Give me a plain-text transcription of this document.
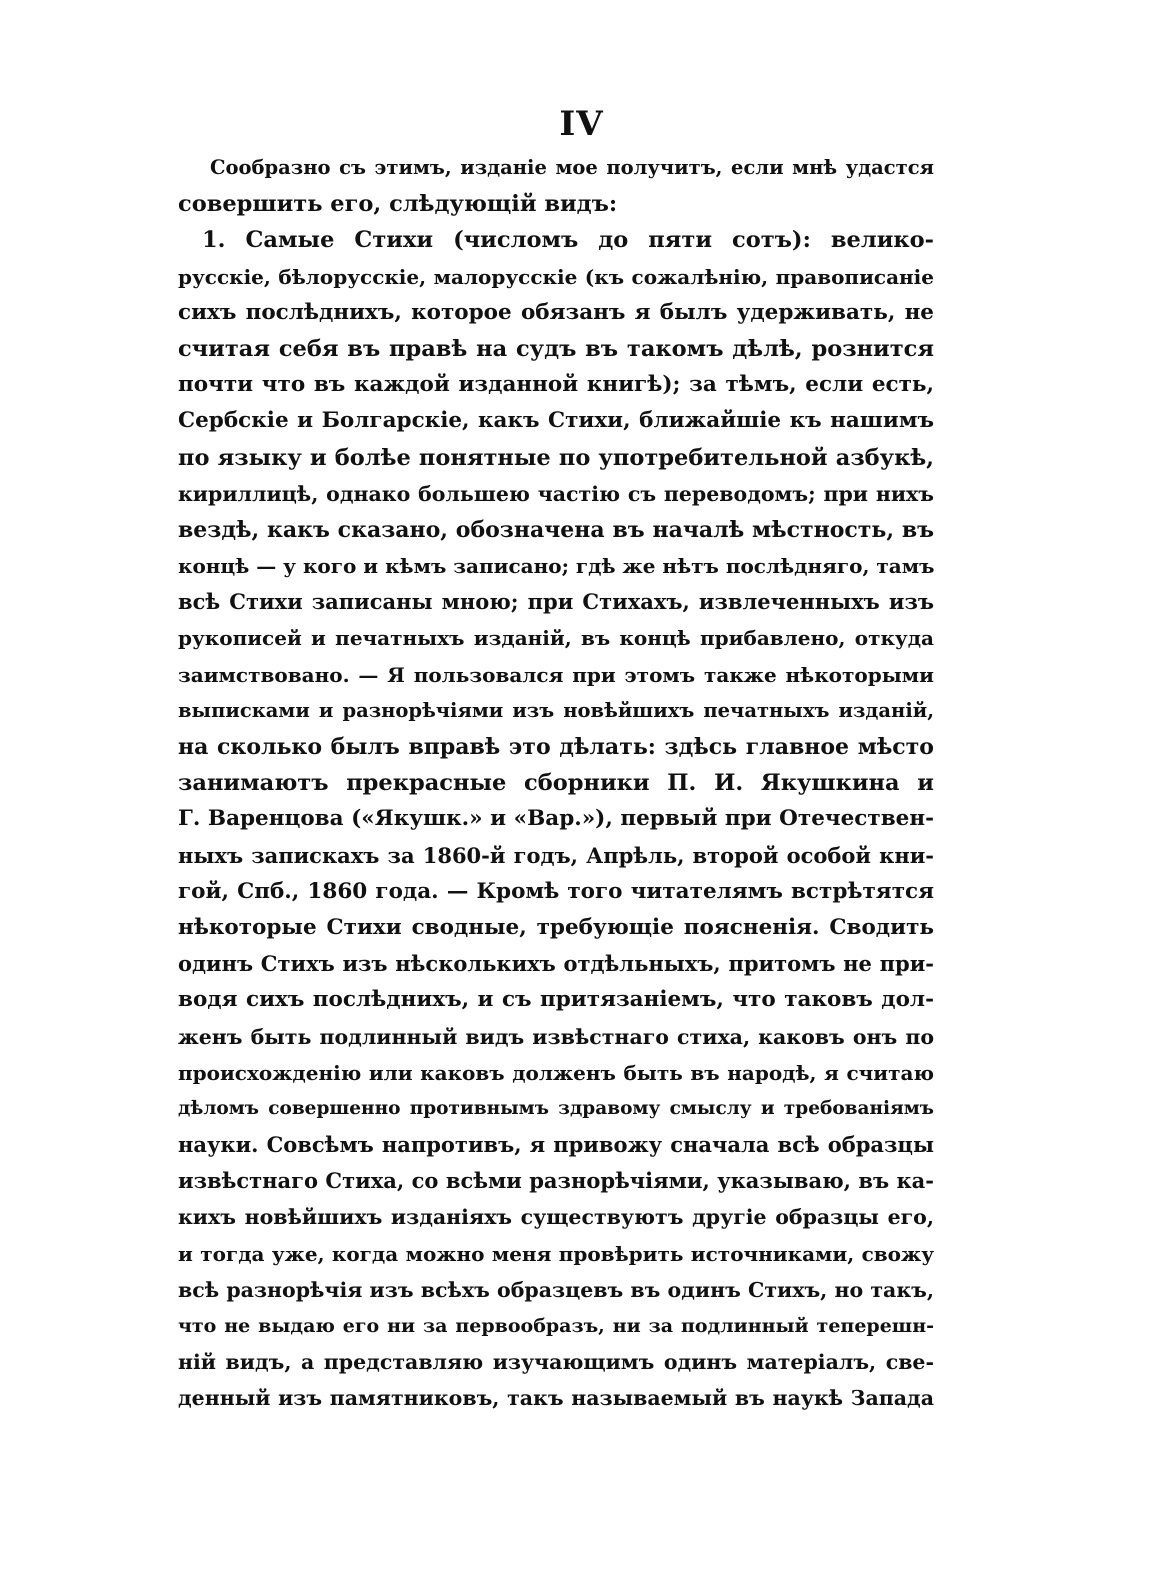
IV
Сообразно съ этимъ, изданіе мое получитъ, если мнѣ удастся
совершить его, слѣдующій видъ:
1. Самые Стихи (числомъ до пяти сотъ): велико-
русскіе, бѣлорусскіе, малорусскіе (къ сожалѣнію, правописаніе
сихъ послѣднихъ, которое обязанъ я былъ удерживать, не
считая себя въ правѣ на судъ въ такомъ дѣлѣ, рознится
почти что въ каждой изданной книгѣ); за тѣмъ, если есть,
Сербскіе и Болгарскіе, какъ Стихи, ближайшіе къ нашимъ
по языку и болѣе понятные по употребительной азбукѣ,
кириллицѣ, однако большею частію съ переводомъ; при нихъ
вездѣ, какъ сказано, обозначена въ началѣ мѣстность, въ
концѣ — у кого и кѣмъ записано; гдѣ же нѣтъ послѣдняго, тамъ
всѣ Стихи записаны мною; при Стихахъ, извлеченныхъ изъ
рукописей и печатныхъ изданій, въ концѣ прибавлено, откуда
заимствовано. — Я пользовался при этомъ также нѣкоторыми
выписками и разнорѣчіями изъ новѣйшихъ печатныхъ изданій,
на сколько былъ вправѣ это дѣлать: здѣсь главное мѣсто
занимаютъ прекрасные сборники П. И. Якушкина и
Г. Варенцова («Якушк.» и «Вар.»), первый при Отечествен-
ныхъ запискахъ за 1860-й годъ, Апрѣль, второй особой кни-
гой, Спб., 1860 года. — Кромѣ того читателямъ встрѣтятся
нѣкоторые Стихи сводные, требующіе поясненія. Сводить
одинъ Стихъ изъ нѣсколькихъ отдѣльныхъ, притомъ не при-
водя сихъ послѣднихъ, и съ притязаніемъ, что таковъ дол-
женъ быть подлинный видъ извѣстнаго стиха, каковъ онъ по
происхожденію или каковъ долженъ быть въ народѣ, я считаю
дѣломъ совершенно противнымъ здравому смыслу и требованіямъ
науки. Совсѣмъ напротивъ, я привожу сначала всѣ образцы
извѣстнаго Стиха, со всѣми разнорѣчіями, указываю, въ ка-
кихъ новѣйшихъ изданіяхъ существуютъ другіе образцы его,
и тогда уже, когда можно меня провѣрить источниками, свожу
всѣ разнорѣчія изъ всѣхъ образцевъ въ одинъ Стихъ, но такъ,
что не выдаю его ни за первообразъ, ни за подлинный теперешн-
ній видъ, а представляю изучающимъ одинъ матеріалъ, све-
денный изъ памятниковъ, такъ называемый въ наукѣ Запада
